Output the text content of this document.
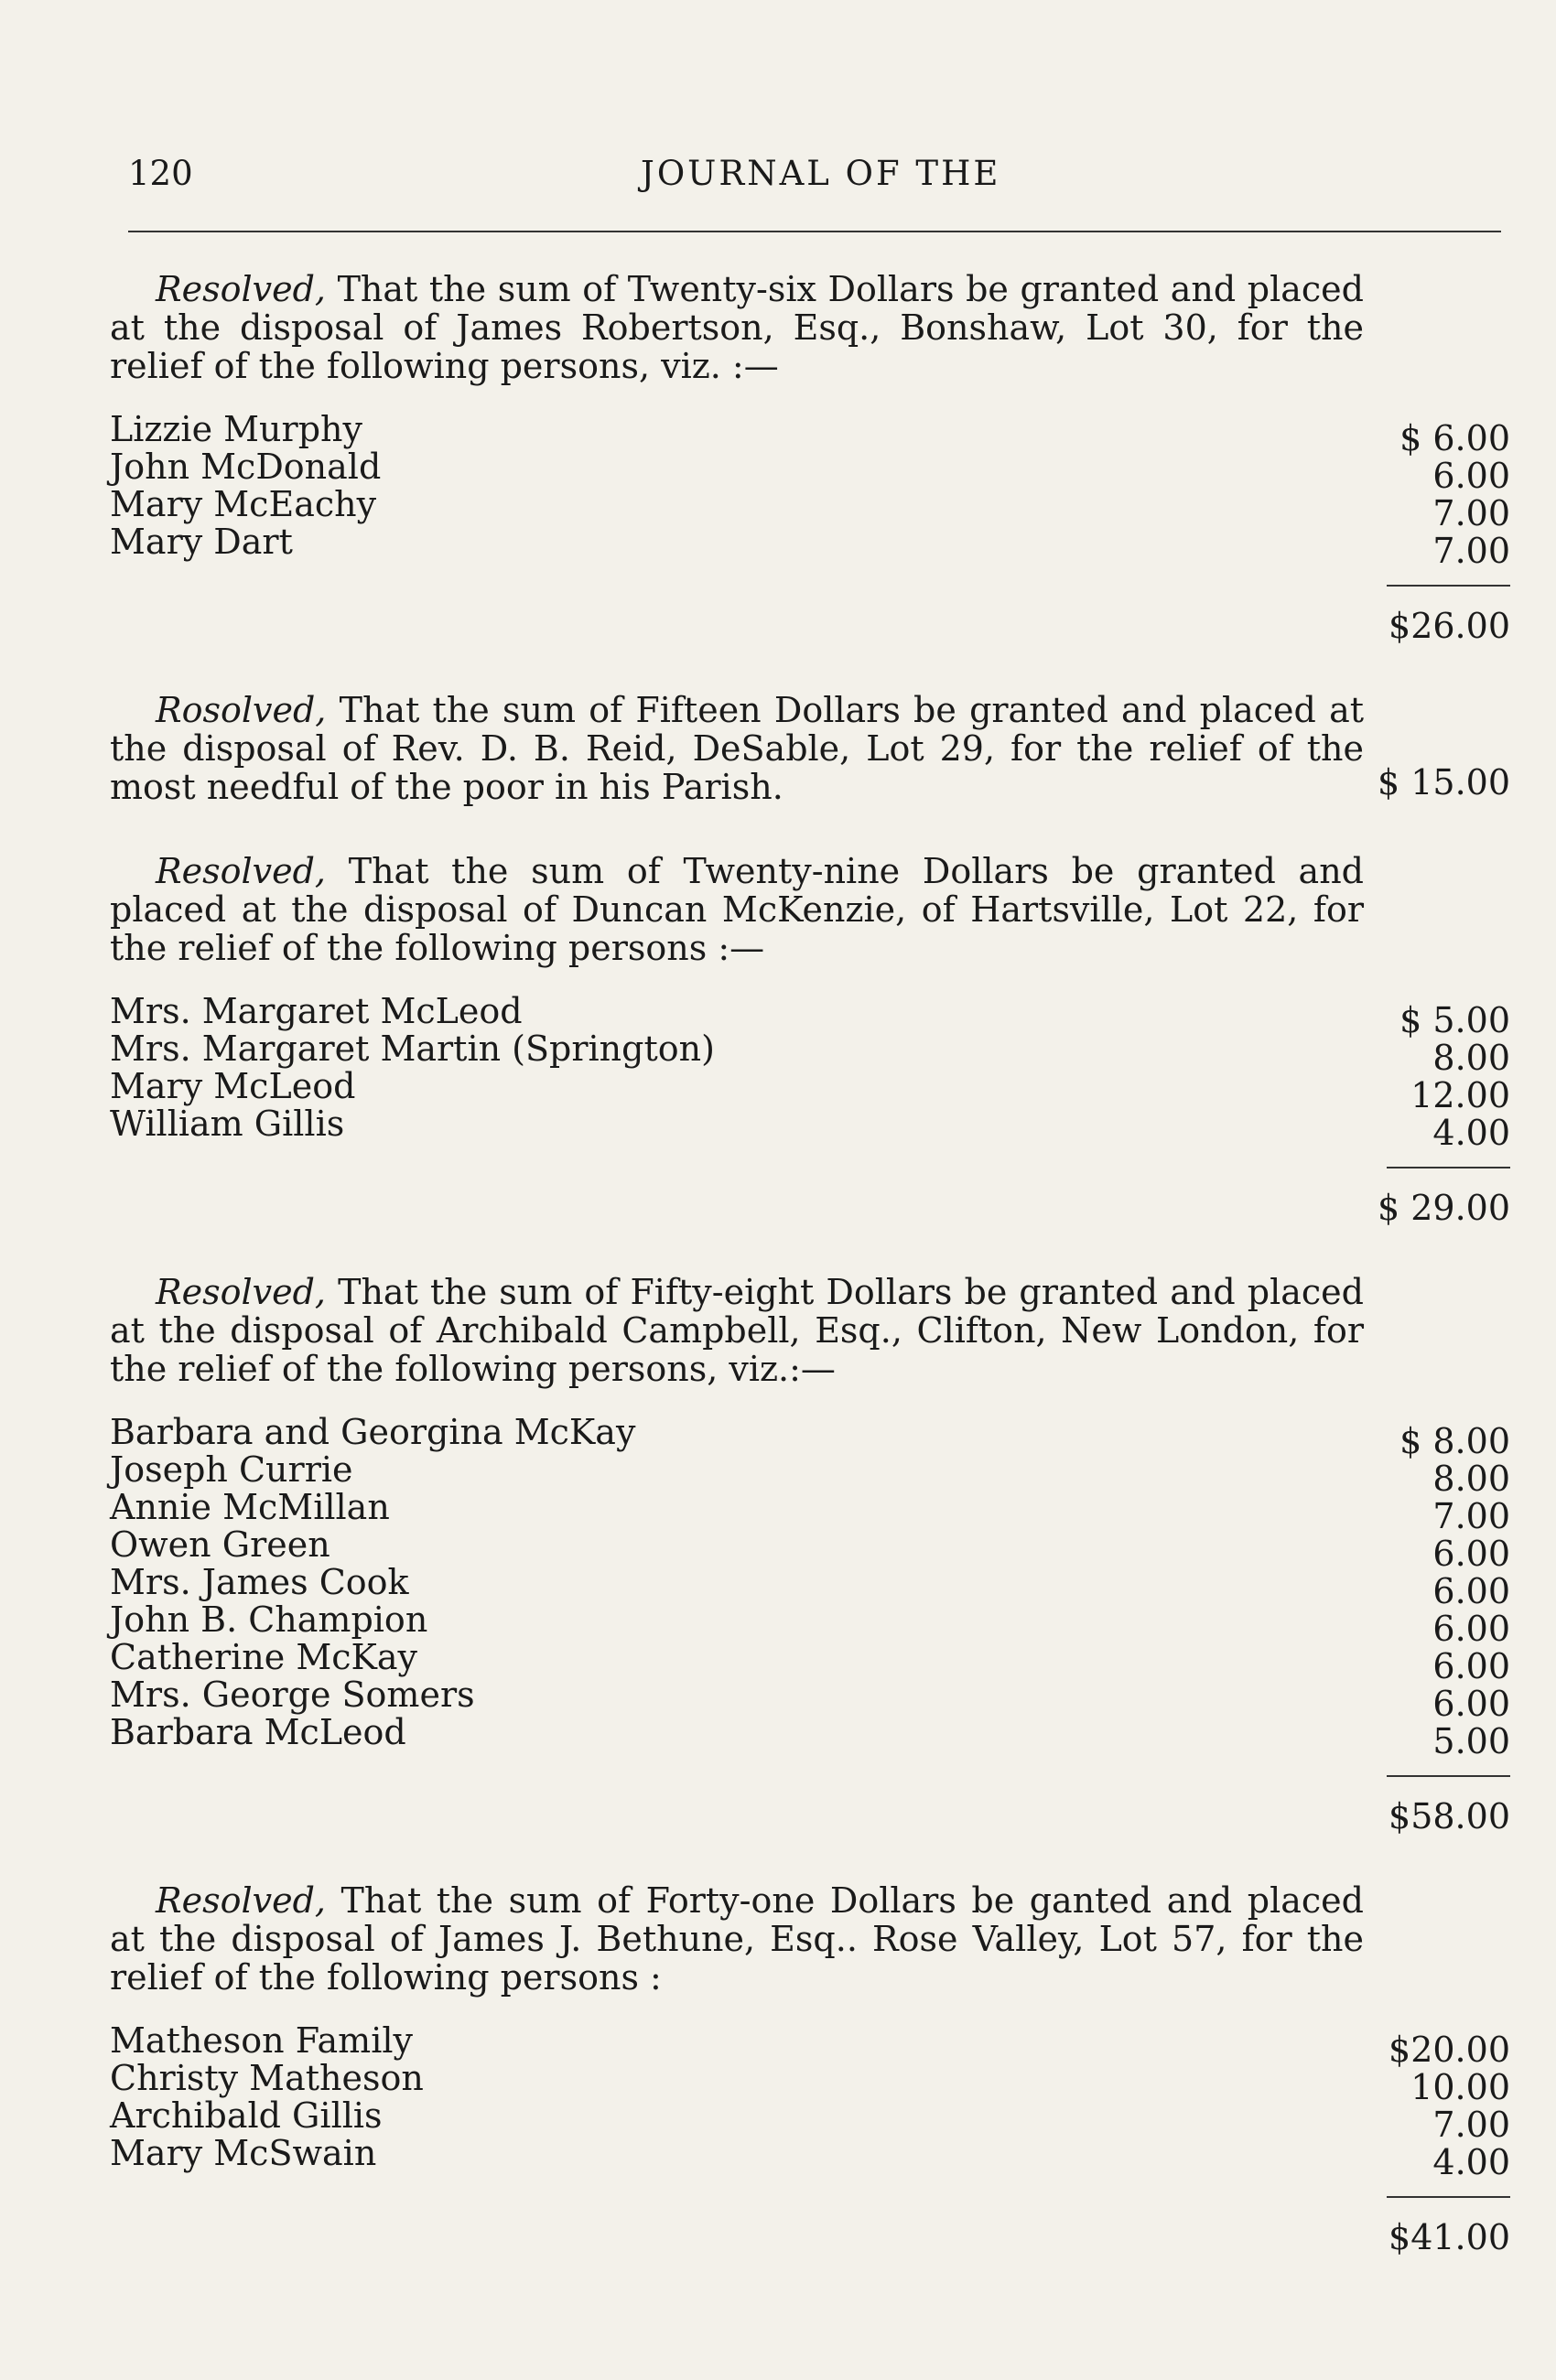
120	JOURNAL OF THE

Resolved, That the sum of Twenty-six Dollars be granted and placed at the disposal of James Robertson, Esq., Bonshaw, Lot 30, for the relief of the following persons, viz. :—

Lizzie Murphy	$ 6.00
John McDonald	6.00
Mary McEachy	7.00
Mary Dart	7.00
$26.00

Rosolved, That the sum of Fifteen Dollars be granted and placed at the disposal of Rev. D. B. Reid, DeSable, Lot 29, for the relief of the most needful of the poor in his Parish.	$ 15.00

Resolved, That the sum of Twenty-nine Dollars be granted and placed at the disposal of Duncan McKenzie, of Hartsville, Lot 22, for the relief of the following persons :—

Mrs. Margaret McLeod	$ 5.00
Mrs. Margaret Martin (Springton)	8.00
Mary McLeod	12.00
William Gillis	4.00
$ 29.00

Resolved, That the sum of Fifty-eight Dollars be granted and placed at the disposal of Archibald Campbell, Esq., Clifton, New London, for the relief of the following persons, viz.:—

Barbara and Georgina McKay	$ 8.00
Joseph Currie	8.00
Annie McMillan	7.00
Owen Green	6.00
Mrs. James Cook	6.00
John B. Champion	6.00
Catherine McKay	6.00
Mrs. George Somers	6.00
Barbara McLeod	5.00
$58.00

Resolved, That the sum of Forty-one Dollars be ganted and placed at the disposal of James J. Bethune, Esq.. Rose Valley, Lot 57, for the relief of the following persons :

Matheson Family	$20.00
Christy Matheson	10.00
Archibald Gillis	7.00
Mary McSwain	4.00
$41.00
